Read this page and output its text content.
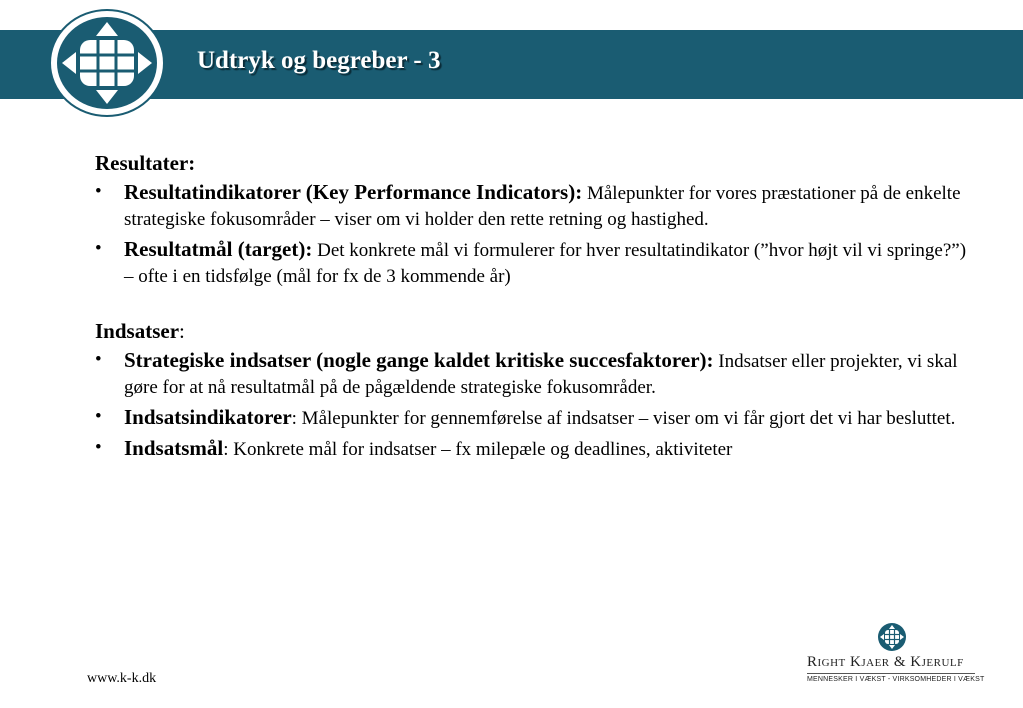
Udtryk og begreber - 3

Resultater:

• Resultatindikatorer (Key Performance Indicators): Målepunkter for vores præstationer på de enkelte strategiske fokusområder – viser om vi holder den rette retning og hastighed.
• Resultatmål (target): Det konkrete mål vi formulerer for hver resultatindikator (”hvor højt vil vi springe?”) – ofte i en tidsfølge (mål for fx de 3 kommende år)

Indsatser:

• Strategiske indsatser (nogle gange kaldet kritiske succesfaktorer): Indsatser eller projekter, vi skal gøre for at nå resultatmål på de pågældende strategiske fokusområder.
• Indsatsindikatorer: Målepunkter for gennemførelse af indsatser – viser om vi får gjort det vi har besluttet.
• Indsatsmål: Konkrete mål for indsatser – fx milepæle og deadlines, aktiviteter
www.k-k.dk
Right Kjaer & Kjerulf
MENNESKER I VÆKST - VIRKSOMHEDER I VÆKST
